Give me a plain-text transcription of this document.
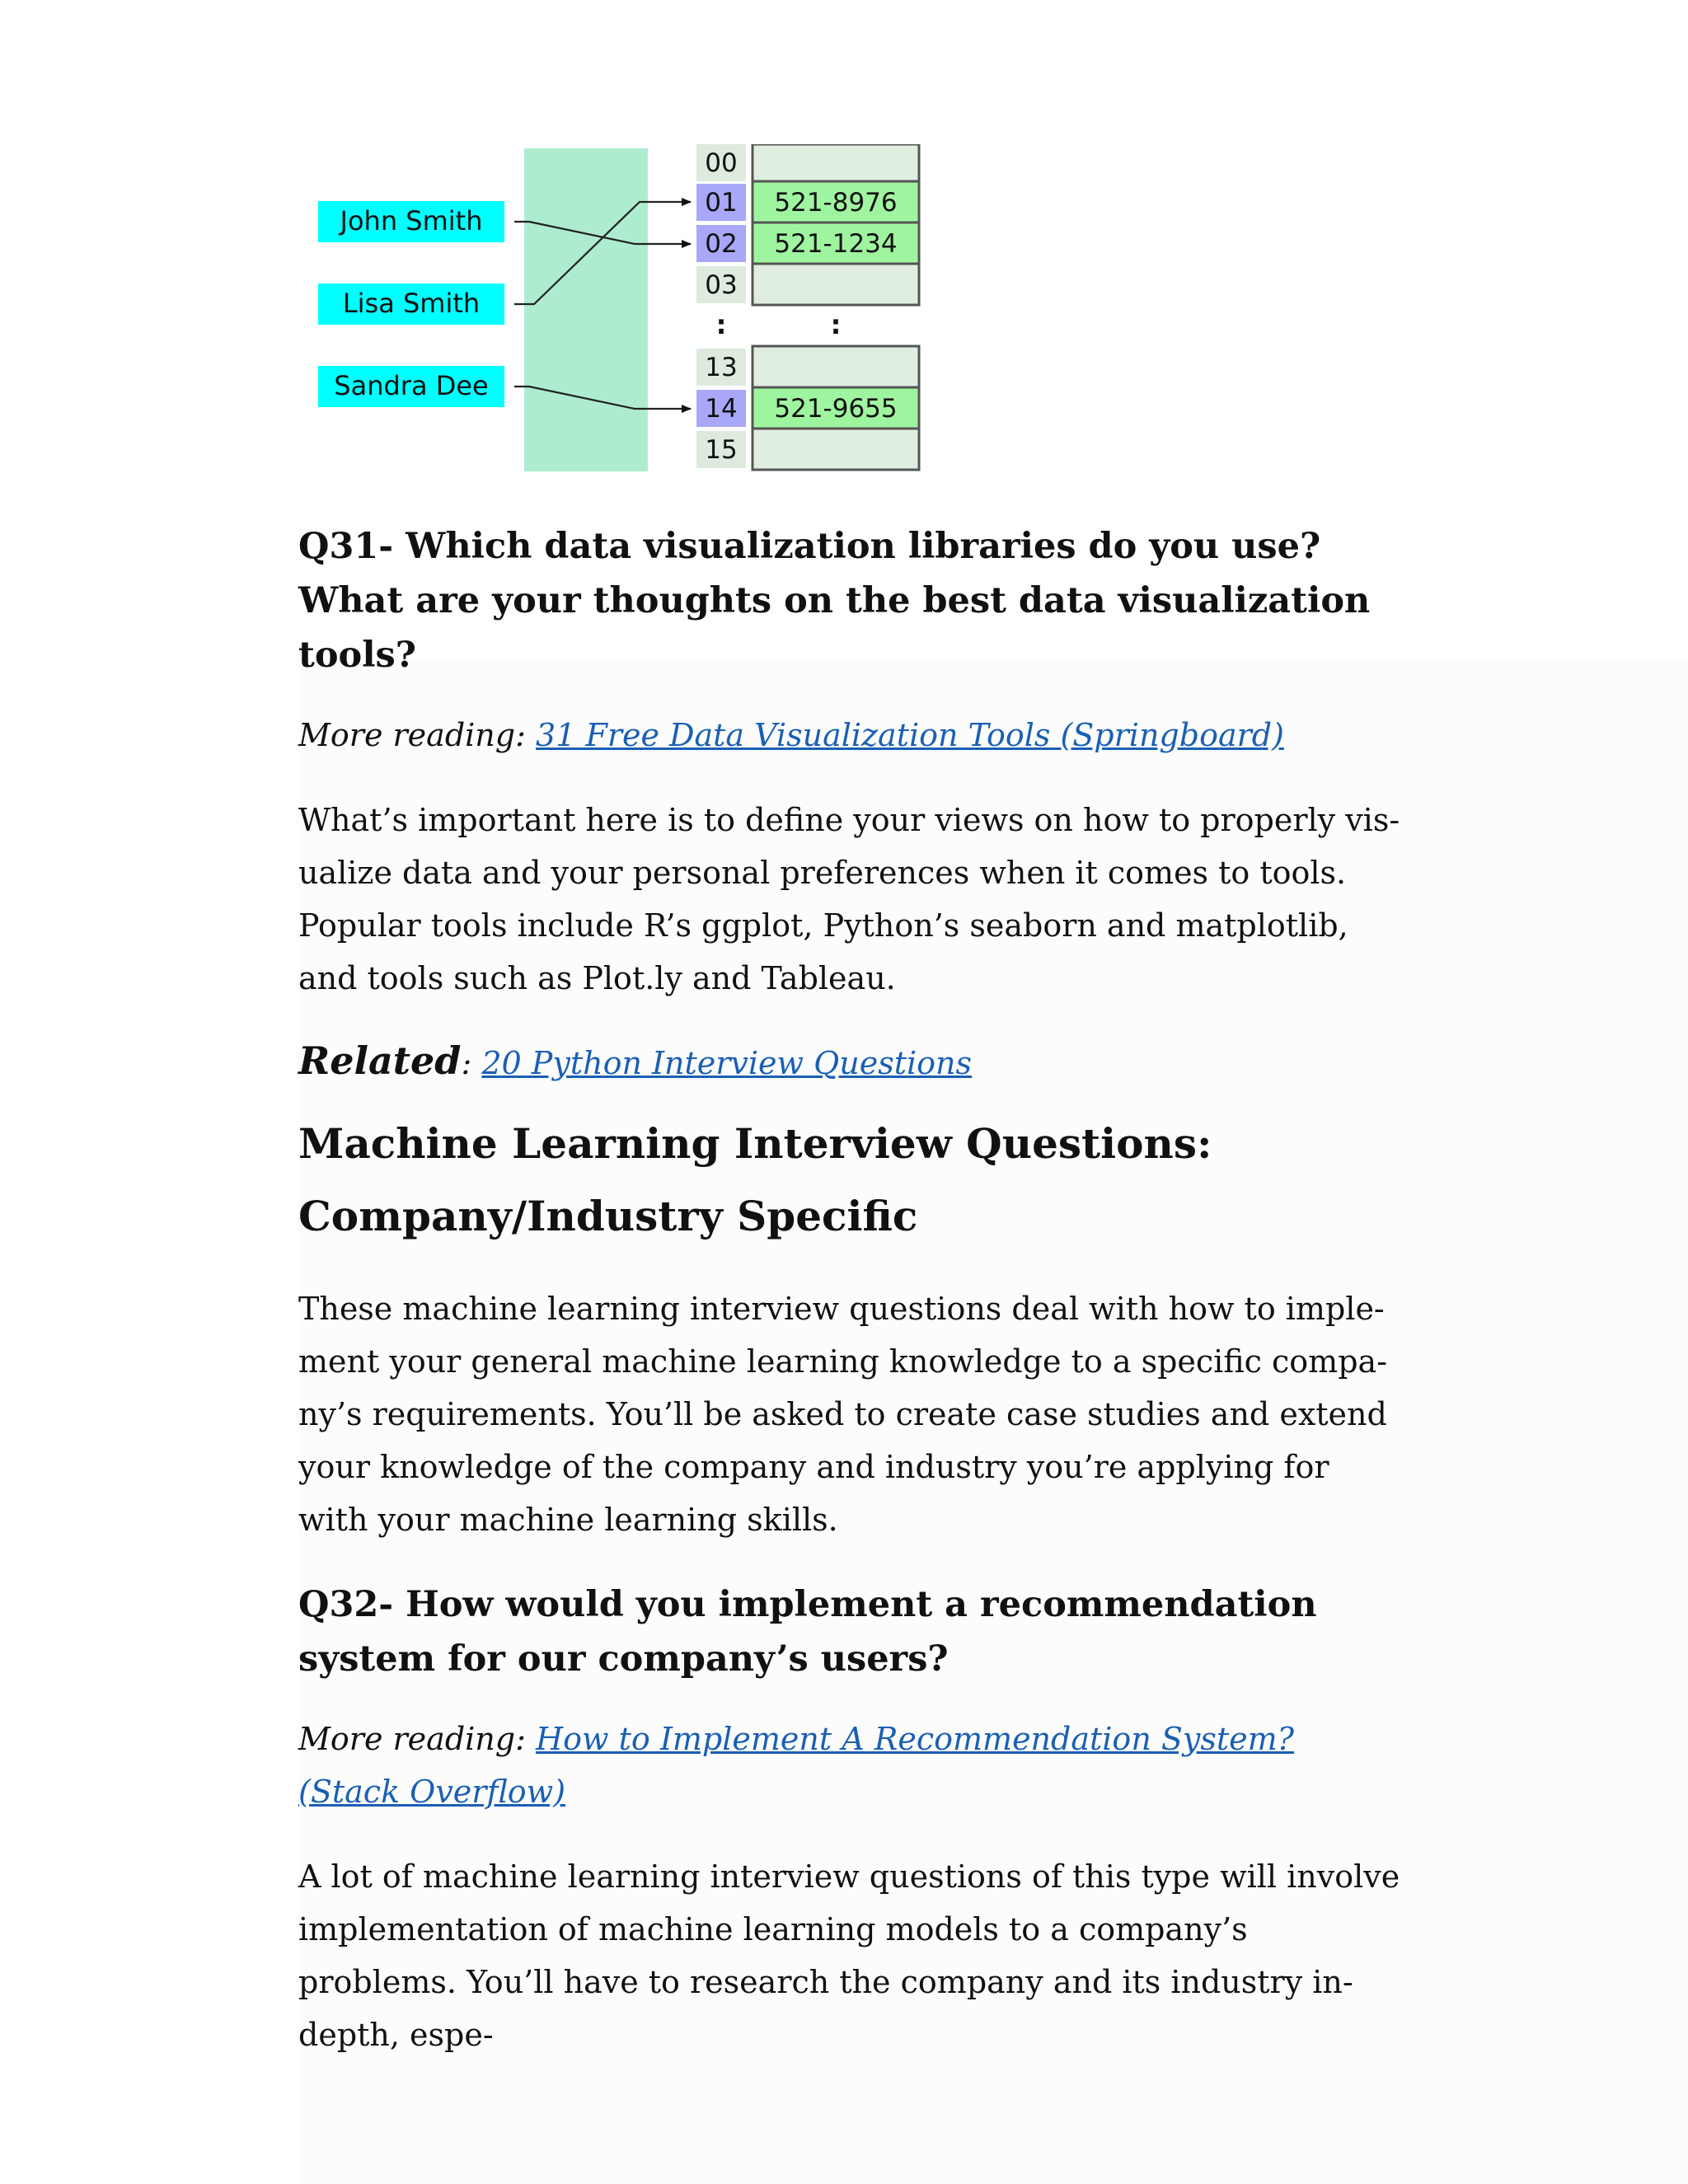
John Smith
Lisa Smith
Sandra Dee
00
01
02
03
:
13
14
15
521-8976
521-1234
:
521-9655
Q31- Which data visualization libraries do you use? What are your thoughts on the best data visualization tools?

More reading: 31 Free Data Visualization Tools (Springboard)

What’s important here is to define your views on how to properly vis- ualize data and your personal preferences when it comes to tools. Popular tools include R’s ggplot, Python’s seaborn and matplotlib, and tools such as Plot.ly and Tableau.

Related: 20 Python Interview Questions

Machine Learning Interview Questions:
Company/Industry Specific

These machine learning interview questions deal with how to imple- ment your general machine learning knowledge to a specific compa- ny’s requirements. You’ll be asked to create case studies and extend your knowledge of the company and industry you’re applying for with your machine learning skills.

Q32- How would you implement a recommendation system for our company’s users?

More reading: How to Implement A Recommendation System? (Stack Overflow)

A lot of machine learning interview questions of this type will involve implementation of machine learning models to a company’s problems. You’ll have to research the company and its industry in-depth, espe-
